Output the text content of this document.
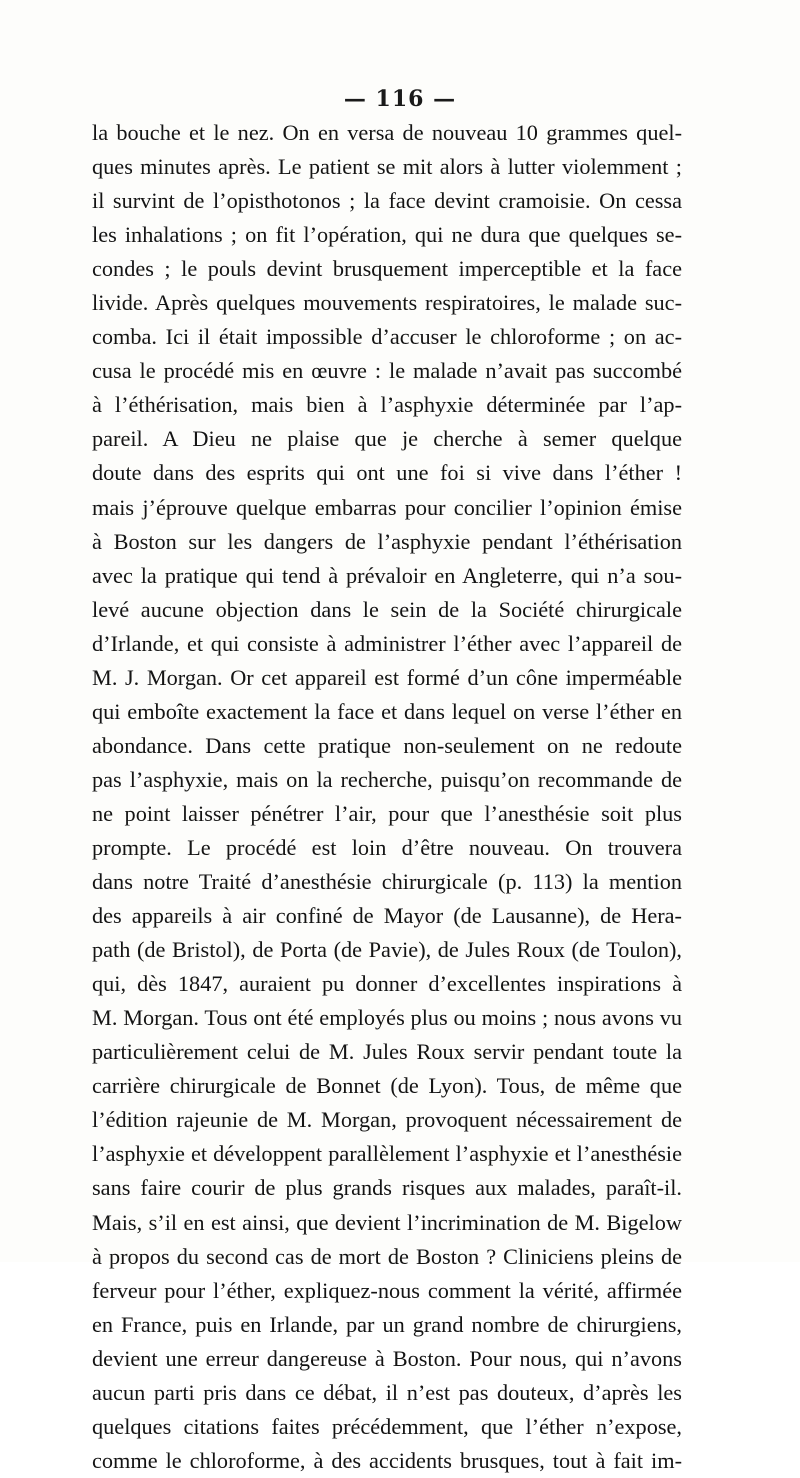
— 116 —
la bouche et le nez. On en versa de nouveau 10 grammes quel-
ques minutes après. Le patient se mit alors à lutter violemment ;
il survint de l’opisthotonos ; la face devint cramoisie. On cessa
les inhalations ; on fit l’opération, qui ne dura que quelques se-
condes ; le pouls devint brusquement imperceptible et la face
livide. Après quelques mouvements respiratoires, le malade suc-
comba. Ici il était impossible d’accuser le chloroforme ; on ac-
cusa le procédé mis en œuvre : le malade n’avait pas succombé
à l’éthérisation, mais bien à l’asphyxie déterminée par l’ap-
pareil. A Dieu ne plaise que je cherche à semer quelque
doute dans des esprits qui ont une foi si vive dans l’éther !
mais j’éprouve quelque embarras pour concilier l’opinion émise
à Boston sur les dangers de l’asphyxie pendant l’éthérisation
avec la pratique qui tend à prévaloir en Angleterre, qui n’a sou-
levé aucune objection dans le sein de la Société chirurgicale
d’Irlande, et qui consiste à administrer l’éther avec l’appareil de
M. J. Morgan. Or cet appareil est formé d’un cône imperméable
qui emboîte exactement la face et dans lequel on verse l’éther en
abondance. Dans cette pratique non-seulement on ne redoute
pas l’asphyxie, mais on la recherche, puisqu’on recommande de
ne point laisser pénétrer l’air, pour que l’anesthésie soit plus
prompte. Le procédé est loin d’être nouveau. On trouvera
dans notre Traité d’anesthésie chirurgicale (p. 113) la mention
des appareils à air confiné de Mayor (de Lausanne), de Hera-
path (de Bristol), de Porta (de Pavie), de Jules Roux (de Toulon),
qui, dès 1847, auraient pu donner d’excellentes inspirations à
M. Morgan. Tous ont été employés plus ou moins ; nous avons vu
particulièrement celui de M. Jules Roux servir pendant toute la
carrière chirurgicale de Bonnet (de Lyon). Tous, de même que
l’édition rajeunie de M. Morgan, provoquent nécessairement de
l’asphyxie et développent parallèlement l’asphyxie et l’anesthésie
sans faire courir de plus grands risques aux malades, paraît-il.
Mais, s’il en est ainsi, que devient l’incrimination de M. Bigelow
à propos du second cas de mort de Boston ? Cliniciens pleins de
ferveur pour l’éther, expliquez-nous comment la vérité, affirmée
en France, puis en Irlande, par un grand nombre de chirurgiens,
devient une erreur dangereuse à Boston. Pour nous, qui n’avons
aucun parti pris dans ce débat, il n’est pas douteux, d’après les
quelques citations faites précédemment, que l’éther n’expose,
comme le chloroforme, à des accidents brusques, tout à fait im-
